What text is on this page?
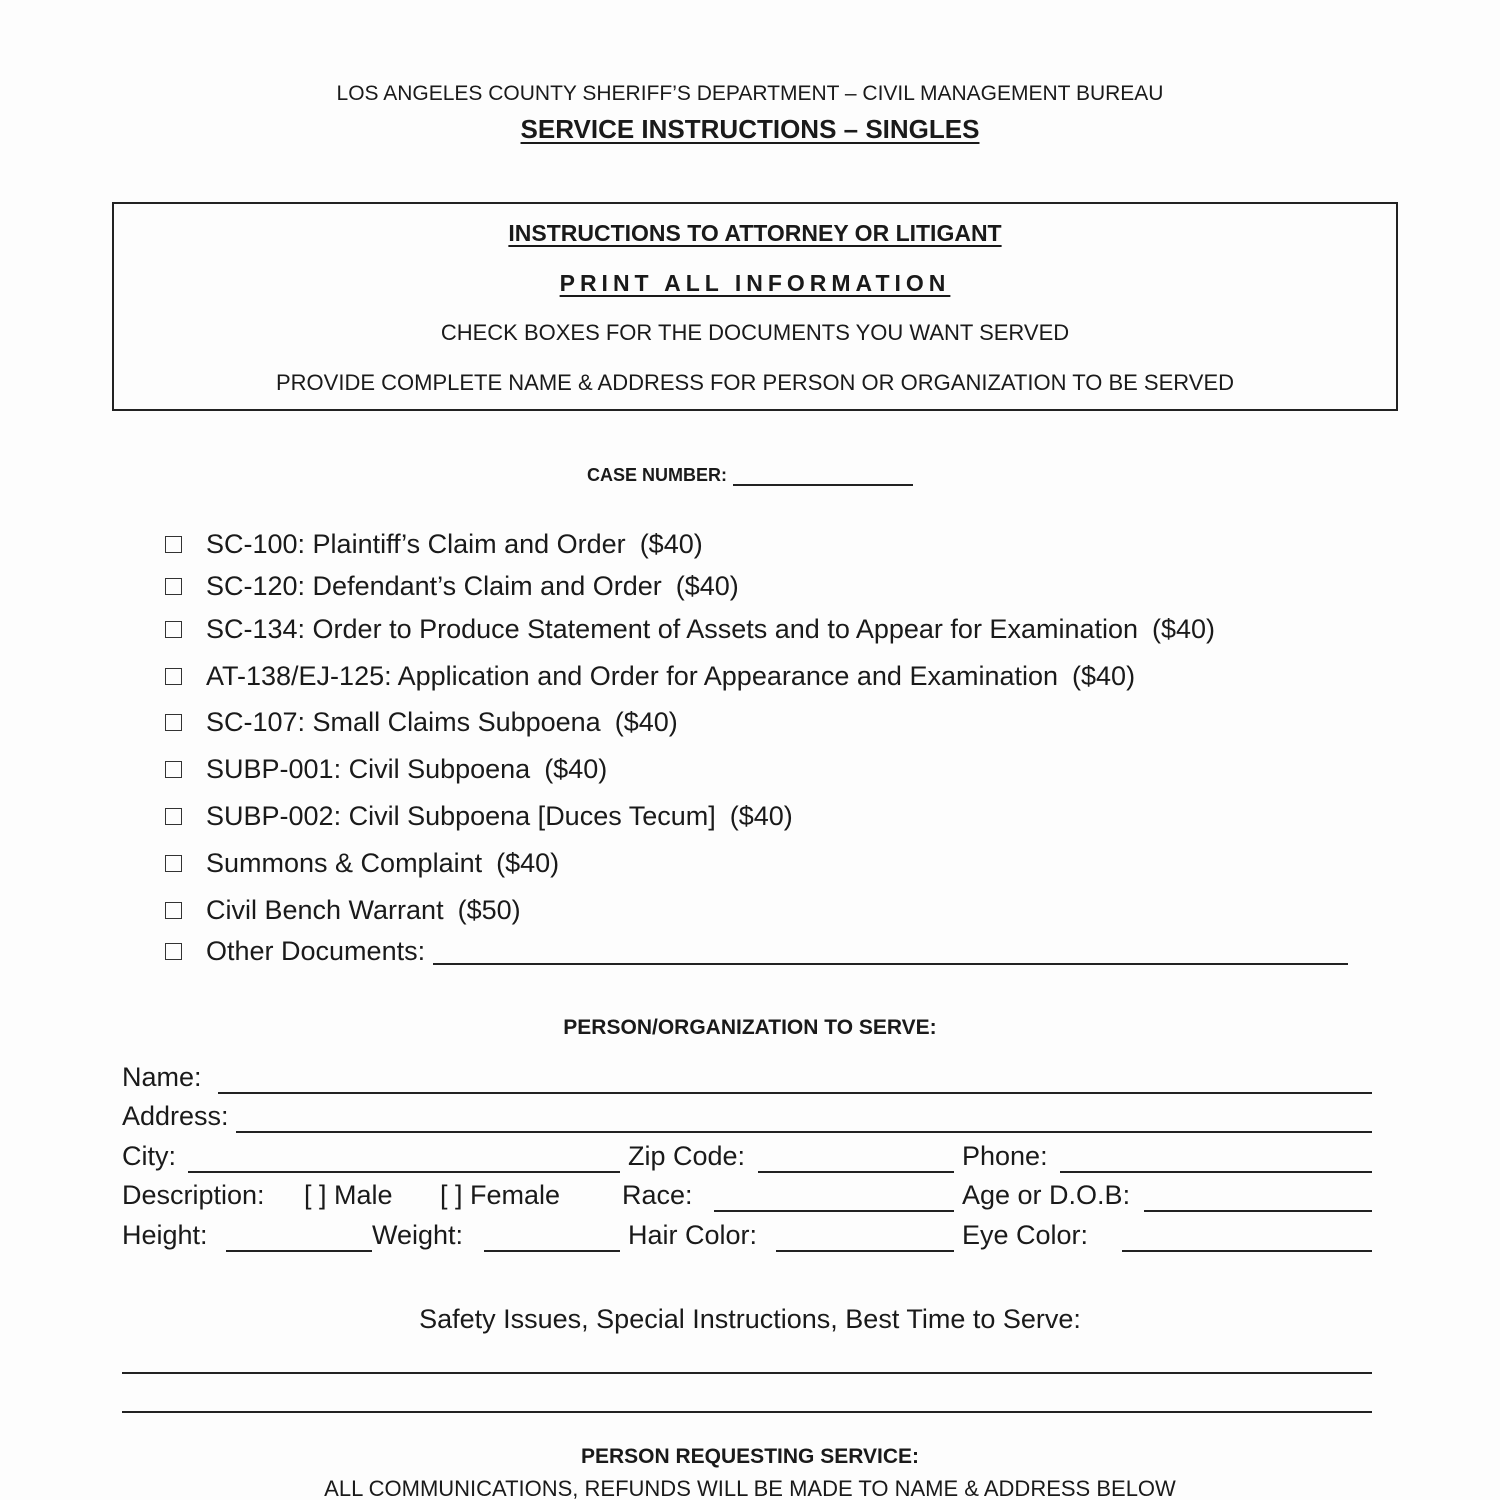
LOS ANGELES COUNTY SHERIFF’S DEPARTMENT – CIVIL MANAGEMENT BUREAU
SERVICE INSTRUCTIONS – SINGLES
INSTRUCTIONS TO ATTORNEY OR LITIGANT
PRINT ALL INFORMATION
CHECK BOXES FOR THE DOCUMENTS YOU WANT SERVED
PROVIDE COMPLETE NAME & ADDRESS FOR PERSON OR ORGANIZATION TO BE SERVED
CASE NUMBER:
SC-100: Plaintiff’s Claim and Order ($40)
SC-120: Defendant’s Claim and Order ($40)
SC-134: Order to Produce Statement of Assets and to Appear for Examination ($40)
AT-138/EJ-125: Application and Order for Appearance and Examination ($40)
SC-107: Small Claims Subpoena ($40)
SUBP-001: Civil Subpoena ($40)
SUBP-002: Civil Subpoena [Duces Tecum] ($40)
Summons & Complaint ($40)
Civil Bench Warrant ($50)
Other Documents:
PERSON/ORGANIZATION TO SERVE:
Name:
Address:
City:	Zip Code:	Phone:
Description: [ ] Male [ ] Female Race:	Age or D.O.B:
Height:	Weight:	Hair Color:	Eye Color:
Safety Issues, Special Instructions, Best Time to Serve:
PERSON REQUESTING SERVICE:
ALL COMMUNICATIONS, REFUNDS WILL BE MADE TO NAME & ADDRESS BELOW
